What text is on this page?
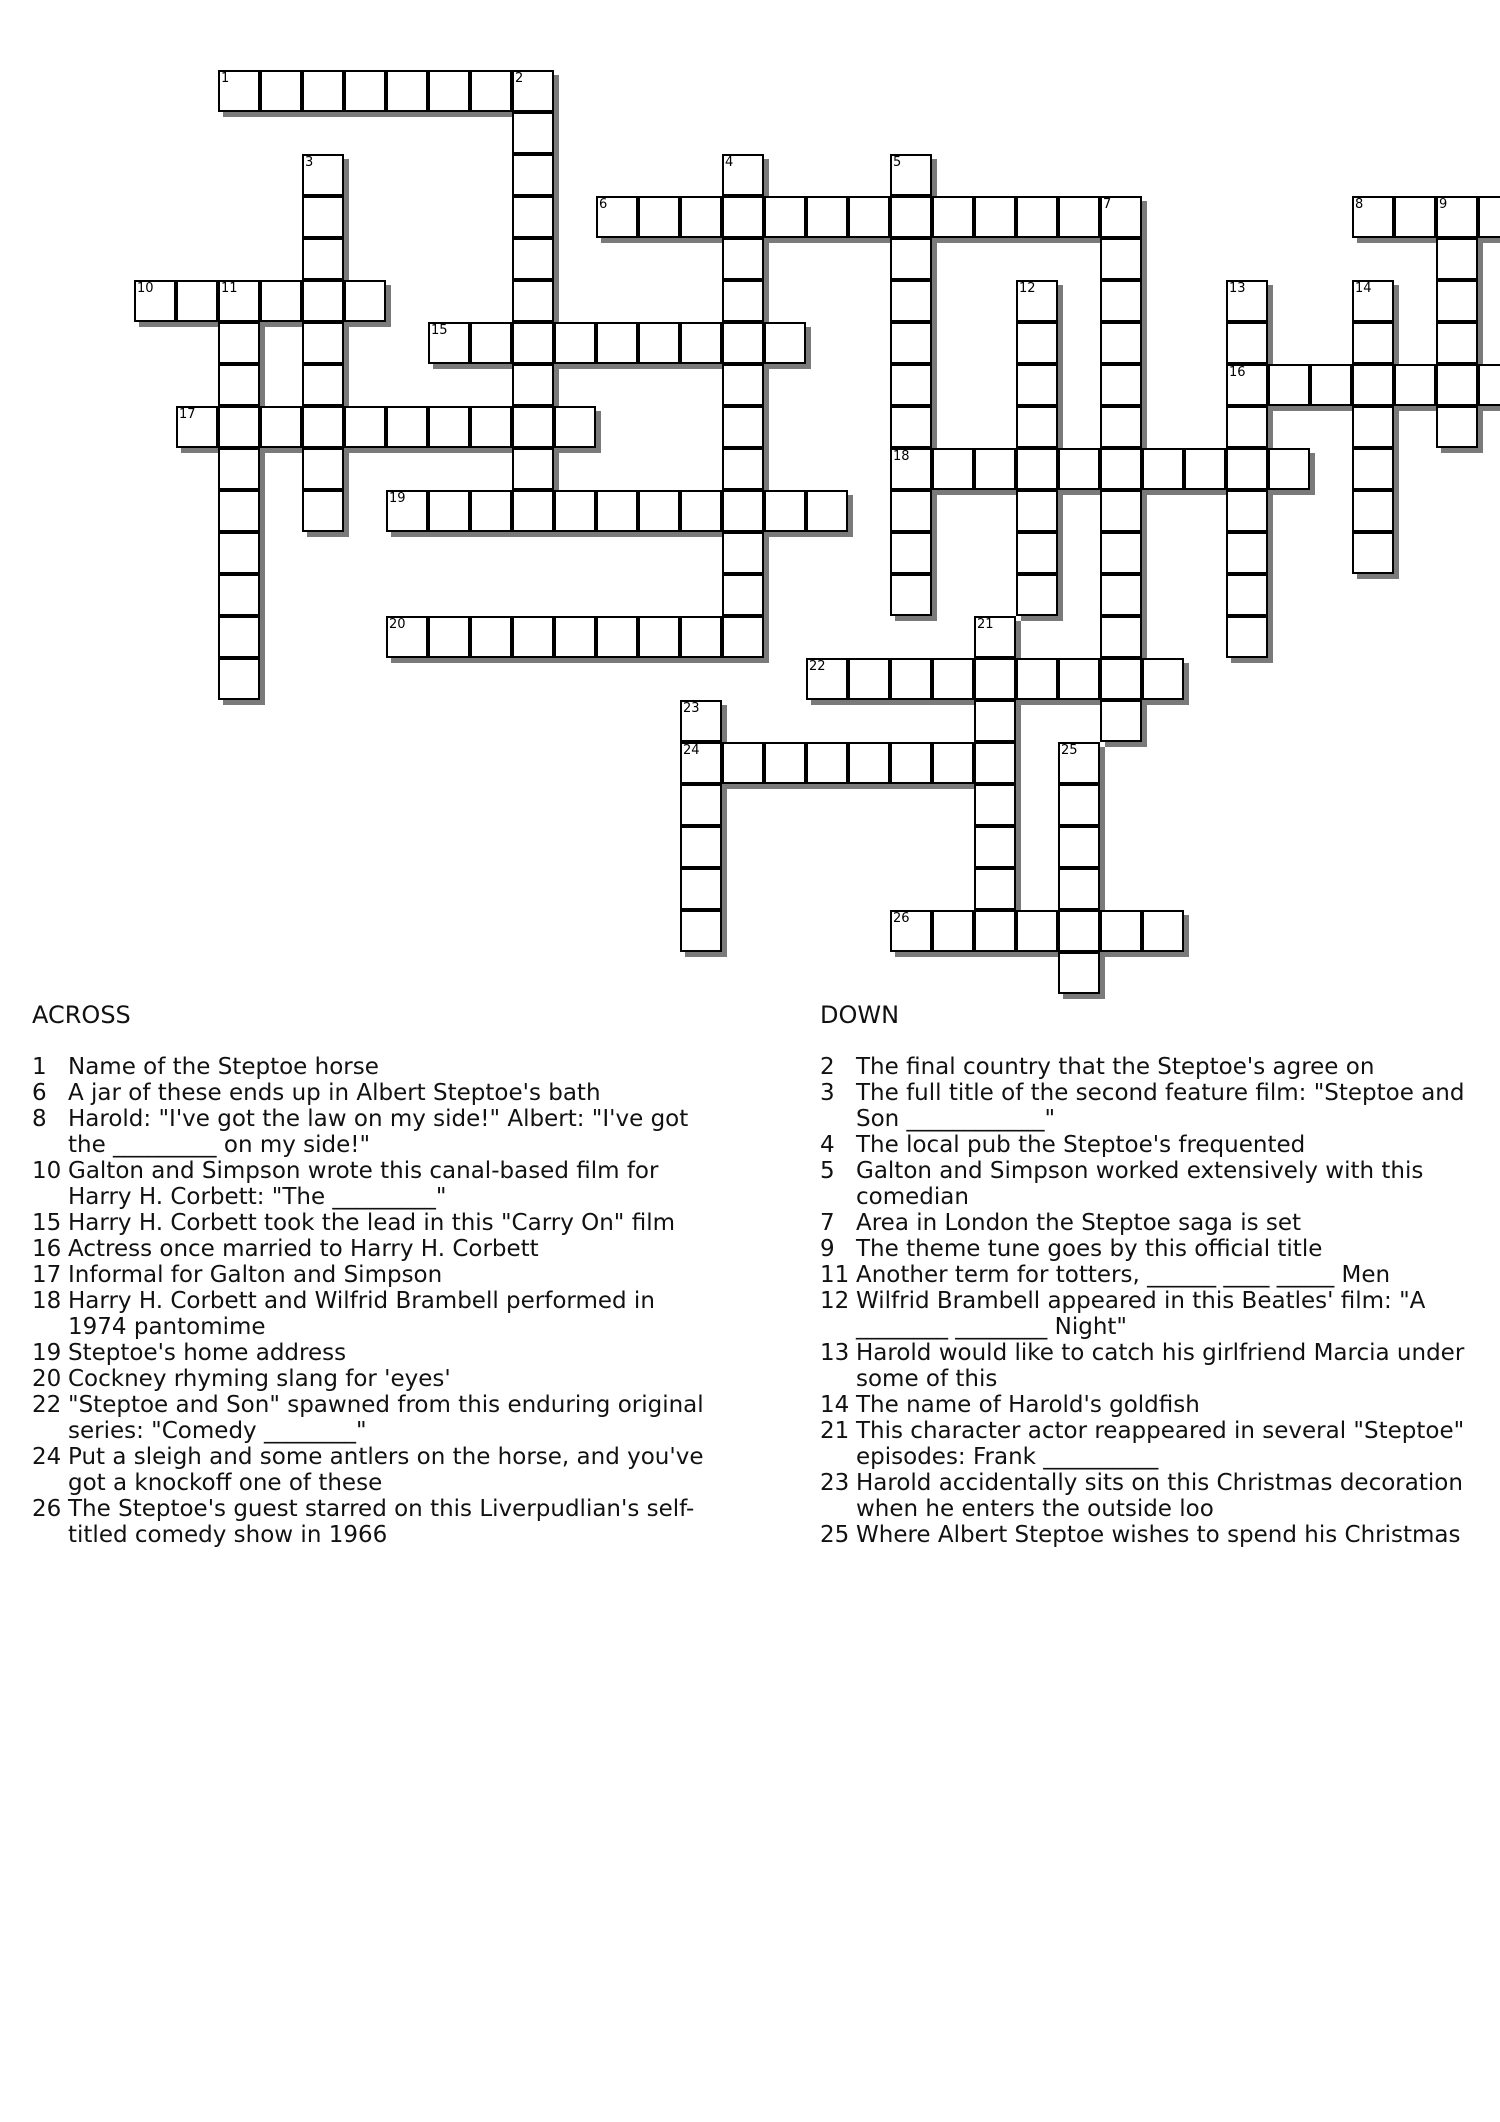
1	2
3	4	5
6	7	8	9
10	11	12	13	14
15
16
17
18
19
20	21
22
23
24	25
26
ACROSS
1 Name of the Steptoe horse
6 A jar of these ends up in Albert Steptoe's bath
8 Harold: "I've got the law on my side!" Albert: "I've got the _________ on my side!"
10 Galton and Simpson wrote this canal-based film for Harry H. Corbett: "The _________"
15 Harry H. Corbett took the lead in this "Carry On" film
16 Actress once married to Harry H. Corbett
17 Informal for Galton and Simpson
18 Harry H. Corbett and Wilfrid Brambell performed in 1974 pantomime
19 Steptoe's home address
20 Cockney rhyming slang for 'eyes'
22 "Steptoe and Son" spawned from this enduring original series: "Comedy ________"
24 Put a sleigh and some antlers on the horse, and you've got a knockoff one of these
26 The Steptoe's guest starred on this Liverpudlian's self-titled comedy show in 1966
DOWN
2 The final country that the Steptoe's agree on
3 The full title of the second feature film: "Steptoe and Son ____________"
4 The local pub the Steptoe's frequented
5 Galton and Simpson worked extensively with this comedian
7 Area in London the Steptoe saga is set
9 The theme tune goes by this official title
11 Another term for totters, ______ ____ _____ Men
12 Wilfrid Brambell appeared in this Beatles' film: "A ________ ________ Night"
13 Harold would like to catch his girlfriend Marcia under some of this
14 The name of Harold's goldfish
21 This character actor reappeared in several "Steptoe" episodes: Frank __________
23 Harold accidentally sits on this Christmas decoration when he enters the outside loo
25 Where Albert Steptoe wishes to spend his Christmas
